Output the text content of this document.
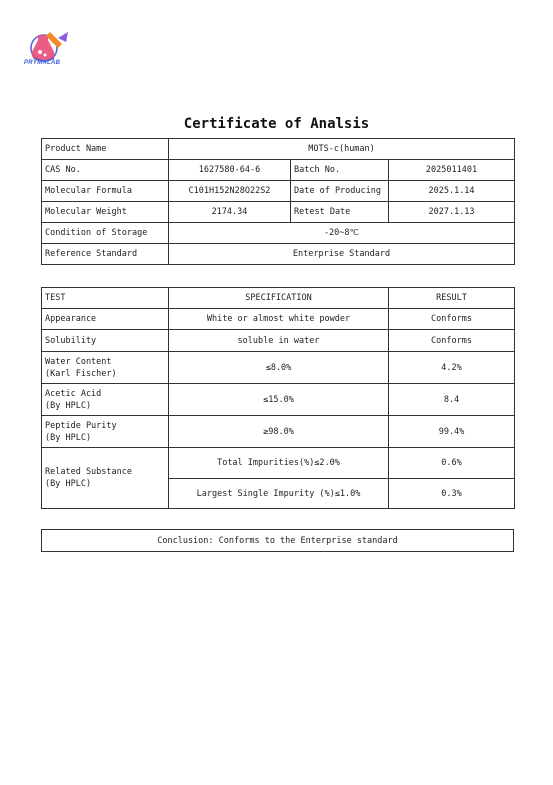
PRYMALAB
Certificate of Analsis
Product Name	MOTS-c(human)		
CAS No.	1627580-64-6	Batch No.	2025011401
Molecular Formula	C101H152N28O22S2	Date of Producing	2025.1.14
Molecular Weight	2174.34	Retest Date	2027.1.13
Condition of Storage	-20~8℃		
Reference Standard	Enterprise Standard		
TEST	SPECIFICATION	RESULT
Appearance	White or almost white powder	Conforms
Solubility	soluble in water	Conforms

Water Content
(Karl Fischer)	≤8.0%	4.2%

Acetic Acid
(By HPLC)	≤15.0%	8.4

Peptide Purity
(By HPLC)	≥98.0%	99.4%

Related Substance
(By HPLC)	Total Impurities(%)≤2.0%	0.6%
	Largest Single Impurity (%)≤1.0%	0.3%
Conclusion: Conforms to the Enterprise standard
